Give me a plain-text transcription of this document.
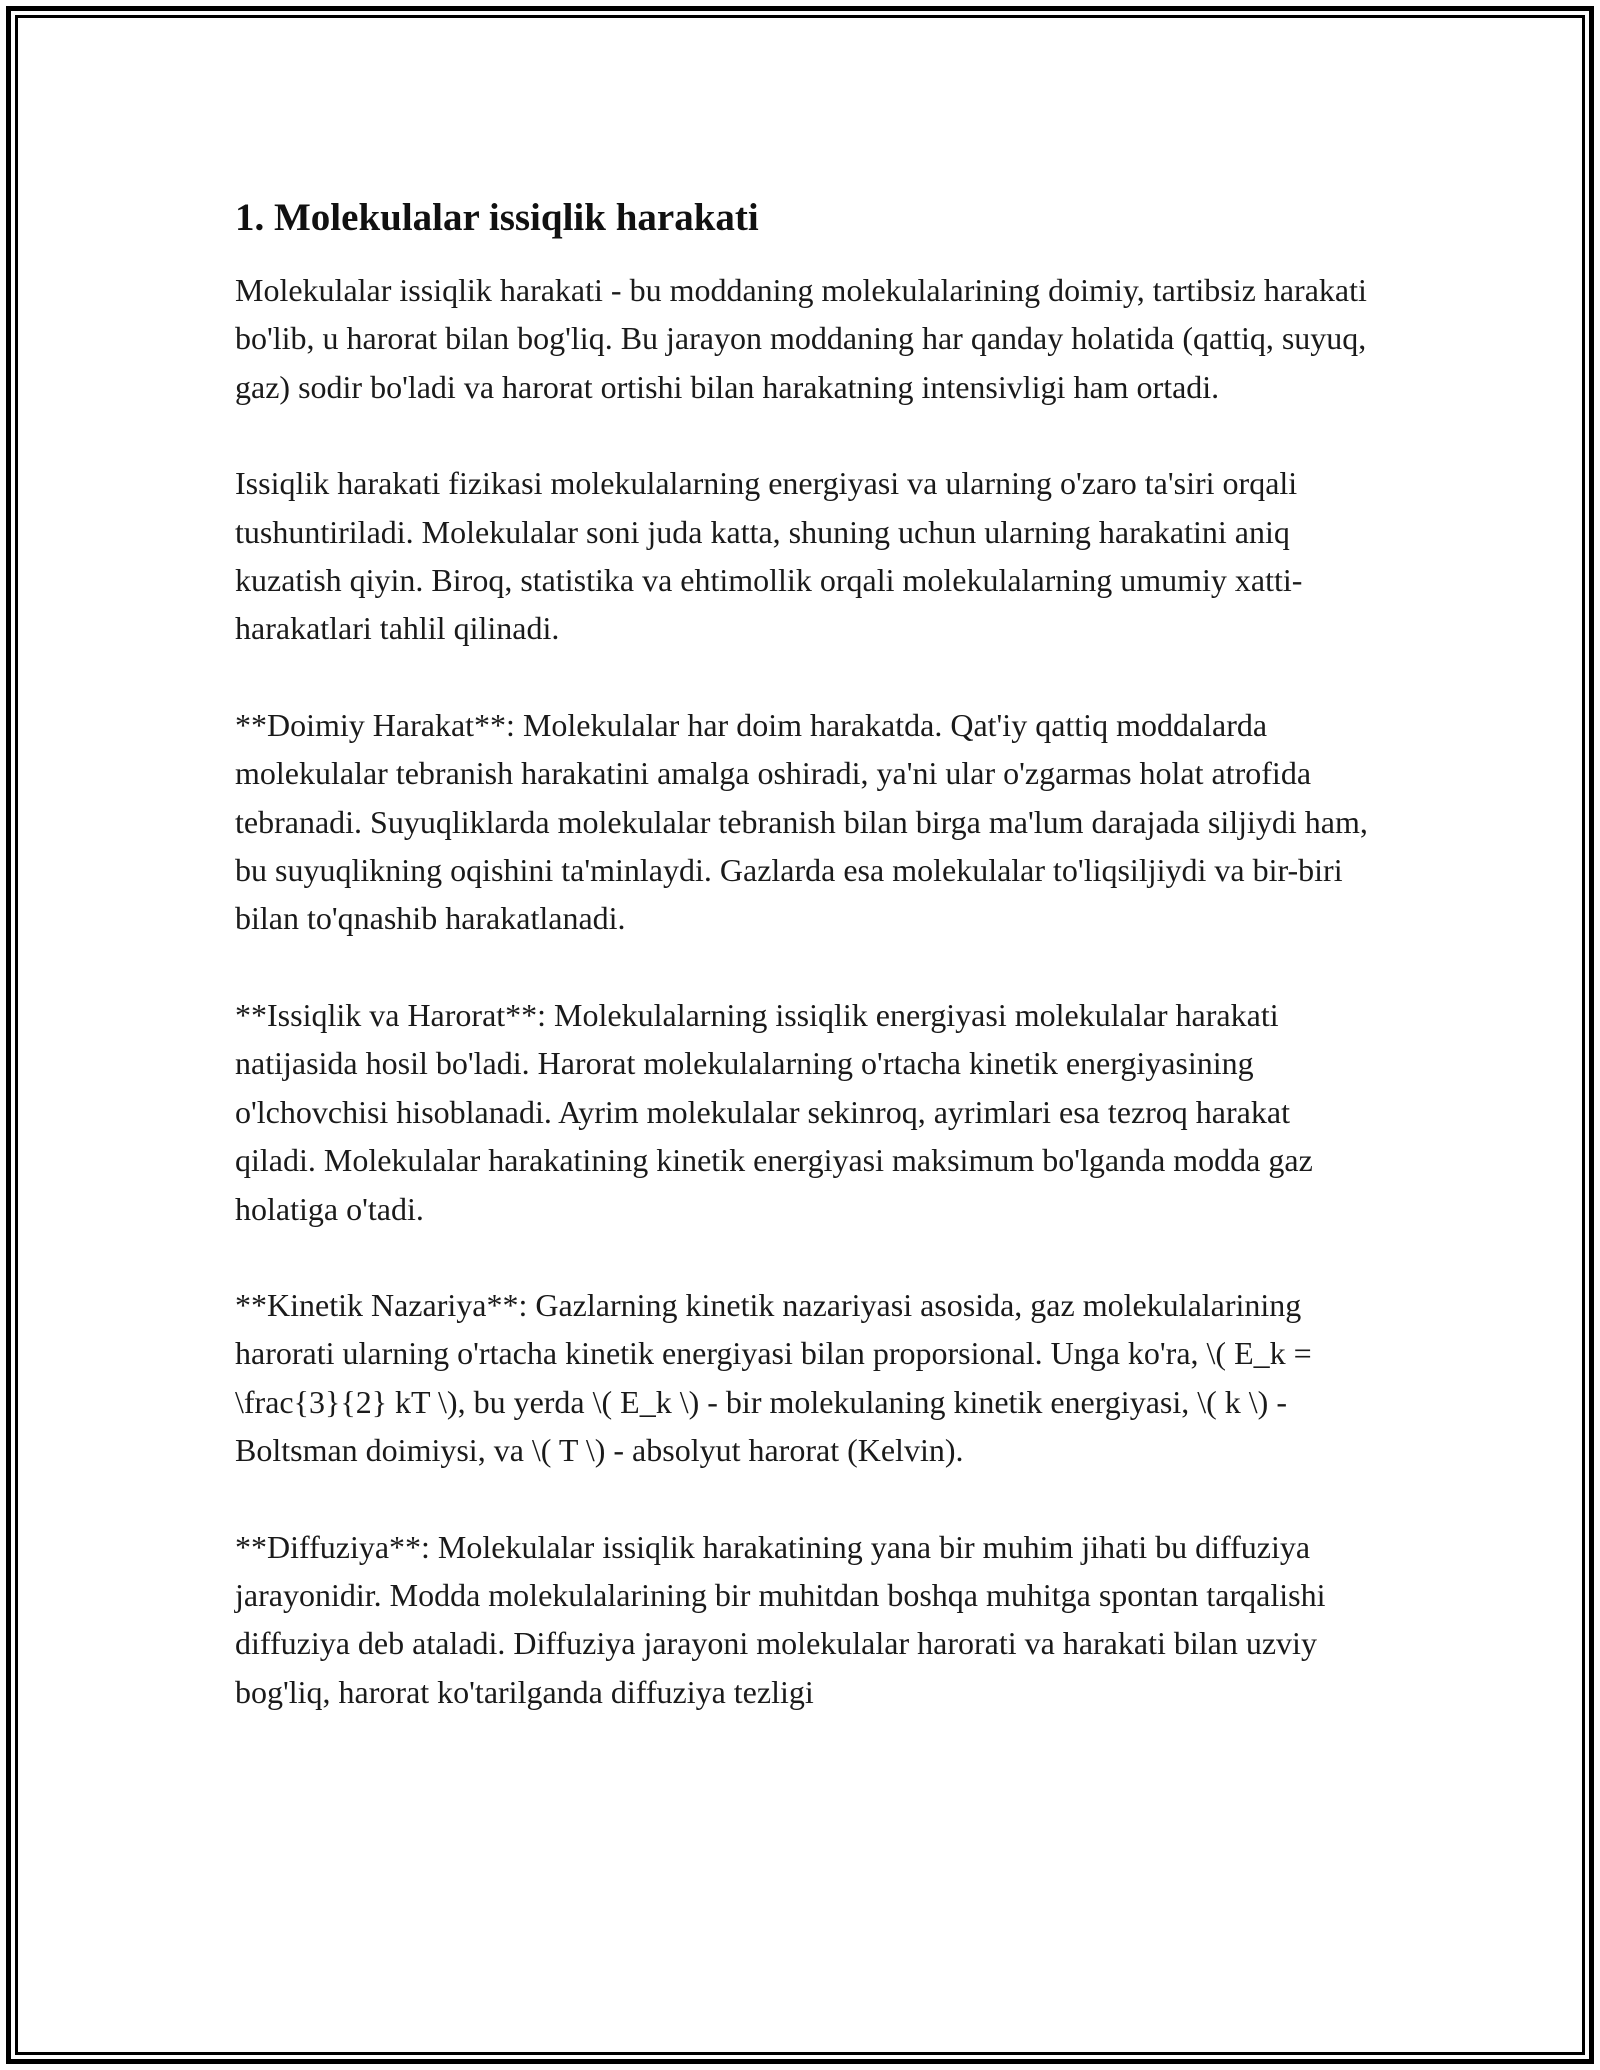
1. Molekulalar issiqlik harakati

Molekulalar issiqlik harakati - bu moddaning molekulalarining doimiy, tartibsiz harakati bo'lib, u harorat bilan bog'liq. Bu jarayon moddaning har qanday holatida (qattiq, suyuq, gaz) sodir bo'ladi va harorat ortishi bilan harakatning intensivligi ham ortadi.

Issiqlik harakati fizikasi molekulalarning energiyasi va ularning o'zaro ta'siri orqali tushuntiriladi. Molekulalar soni juda katta, shuning uchun ularning harakatini aniq kuzatish qiyin. Biroq, statistika va ehtimollik orqali molekulalarning umumiy xatti-harakatlari tahlil qilinadi.

**Doimiy Harakat**: Molekulalar har doim harakatda. Qat'iy qattiq moddalarda molekulalar tebranish harakatini amalga oshiradi, ya'ni ular o'zgarmas holat atrofida tebranadi. Suyuqliklarda molekulalar tebranish bilan birga ma'lum darajada siljiydi ham, bu suyuqlikning oqishini ta'minlaydi. Gazlarda esa molekulalar to'liqsiljiydi va bir-biri bilan to'qnashib harakatlanadi.

**Issiqlik va Harorat**: Molekulalarning issiqlik energiyasi molekulalar harakati natijasida hosil bo'ladi. Harorat molekulalarning o'rtacha kinetik energiyasining o'lchovchisi hisoblanadi. Ayrim molekulalar sekinroq, ayrimlari esa tezroq harakat qiladi. Molekulalar harakatining kinetik energiyasi maksimum bo'lganda modda gaz holatiga o'tadi.

**Kinetik Nazariya**: Gazlarning kinetik nazariyasi asosida, gaz molekulalarining harorati ularning o'rtacha kinetik energiyasi bilan proporsional. Unga ko'ra, \( E_k = \frac{3}{2} kT \), bu yerda \( E_k \) - bir molekulaning kinetik energiyasi, \( k \) - Boltsman doimiysi, va \( T \) - absolyut harorat (Kelvin).

**Diffuziya**: Molekulalar issiqlik harakatining yana bir muhim jihati bu diffuziya jarayonidir. Modda molekulalarining bir muhitdan boshqa muhitga spontan tarqalishi diffuziya deb ataladi. Diffuziya jarayoni molekulalar harorati va harakati bilan uzviy bog'liq, harorat ko'tarilganda diffuziya tezligi
